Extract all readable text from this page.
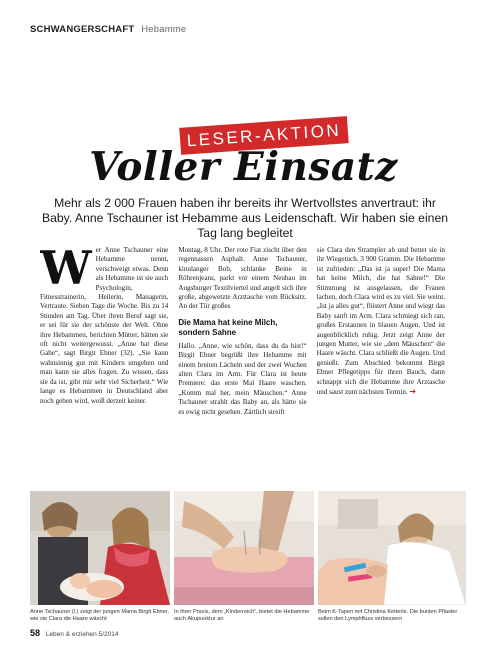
SCHWANGERSCHAFT Hebamme
LESER-AKTION
Voller Einsatz
Mehr als 2 000 Frauen haben ihr bereits ihr Wertvollstes anvertraut: ihr Baby. Anne Tschauner ist Hebamme aus Leidenschaft. Wir haben sie einen Tag lang begleitet
W er Anne Tschauner eine Hebamme nennt, verschweigt etwas. Denn als Hebamme ist sie auch Psychologin, Fitnesstrainerin, Heilerin, Managerin, Vertraute. Sieben Tage die Woche. Bis zu 14 Stunden am Tag. Über ihren Beruf sagt sie, er sei für sie der schönste der Welt. Ohne ihre Hebammen, berichten Mütter, hätten sie oft nicht weitergewusst. „Anne hat diese Gabe“, sagt Birgit Ebner (32). „Sie kann wahnsinnig gut mit Kindern umgehen und man kann sie alles fragen. Zu wissen, dass sie da ist, gibt mir sehr viel Sicherheit.“ Wie lange es Hebammen in Deutschland aber noch geben wird, weiß derzeit keiner.

Montag, 8 Uhr. Der rote Fiat zischt über den regennassen Asphalt. Anne Tschauner, kinnlanger Bob, schlanke Beine in Röhrenjeans, parkt vor einem Neubau im Augsburger Textilviertel und angelt sich ihre große, abgewetzte Arzttasche vom Rücksitz. An der Tür großes

Die Mama hat keine Milch, sondern Sahne

Hallo. „Anne, wie schön, dass du da bist!“ Birgit Ebner begrüßt ihre Hebamme mit einem breiten Lächeln und der zwei Wochen alten Clara im Arm. Für Clara ist heute Premiere: das erste Mal Haare waschen. „Komm mal her, mein Mäuschen.“ Anne Tschauner strahlt das Baby an, als hätte sie es ewig nicht gesehen. Zärtlich streift

sie Clara den Strampler ab und bettet sie in ihr Wiegetuch. 3 900 Gramm. Die Hebamme ist zufrieden: „Das ist ja super! Die Mama hat keine Milch, die hat Sahne!“ Die Stimmung ist ausgelassen, die Frauen lachen, doch Clara wird es zu viel. Sie weint. „Ist ja alles gut“, flüstert Anne und wiegt das Baby sanft im Arm. Clara schmiegt sich ran, großes Erstaunen in blauen Augen. Und ist augenblicklich ruhig. Jetzt zeigt Anne der jungen Mutter, wie sie „dem Mäuschen“ die Haare wäscht. Clara schließt die Augen. Und genießt. Zum Abschied bekommt Birgit Ebner Pflegetipps für ihren Bauch, dann schnappt sich die Hebamme ihre Arztasche und saust zum nächsten Termin. ➔

Anne Tschauner (l.) zeigt der jungen Mama Birgit Ebner, wie sie Clara die Haare wäscht
In ihrer Praxis, dem „Kinderreich“, bietet die Hebamme auch Akupunktur an
Beim K-Tapen mit Christina Ketterle. Die bunten Pflaster sollen den Lymphfluss verbessern
58 Leben & erziehen 5/2014
